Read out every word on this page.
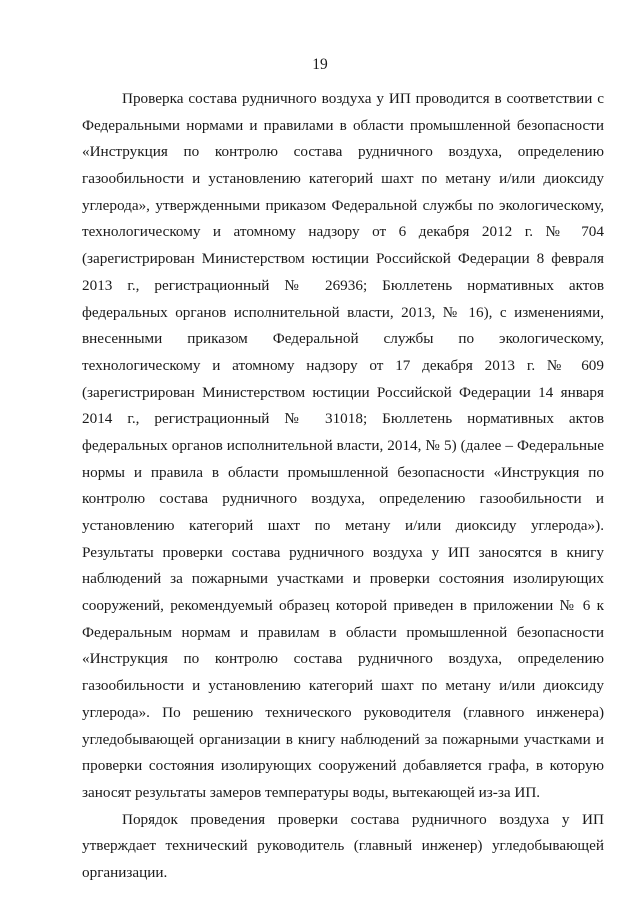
19
Проверка состава рудничного воздуха у ИП проводится в соответствии с
Федеральными нормами и правилами в области промышленной безопасности
«Инструкция по контролю состава рудничного воздуха, определению
газообильности и установлению категорий шахт по метану и/или диоксиду
углерода», утвержденными приказом Федеральной службы по экологическому,
технологическому и атомному надзору от 6 декабря 2012 г. № 704
(зарегистрирован Министерством юстиции Российской Федерации 8 февраля
2013 г., регистрационный № 26936; Бюллетень нормативных актов
федеральных органов исполнительной власти, 2013, № 16), с изменениями,
внесенными приказом Федеральной службы по экологическому,
технологическому и атомному надзору от 17 декабря 2013 г. № 609
(зарегистрирован Министерством юстиции Российской Федерации 14 января
2014 г., регистрационный № 31018; Бюллетень нормативных актов
федеральных органов исполнительной власти, 2014, № 5) (далее – Федеральные
нормы и правила в области промышленной безопасности «Инструкция по
контролю состава рудничного воздуха, определению газообильности и
установлению категорий шахт по метану и/или диоксиду углерода»).
Результаты проверки состава рудничного воздуха у ИП заносятся в книгу
наблюдений за пожарными участками и проверки состояния изолирующих
сооружений, рекомендуемый образец которой приведен в приложении № 6 к
Федеральным нормам и правилам в области промышленной безопасности
«Инструкция по контролю состава рудничного воздуха, определению
газообильности и установлению категорий шахт по метану и/или диоксиду
углерода». По решению технического руководителя (главного инженера)
угледобывающей организации в книгу наблюдений за пожарными участками и
проверки состояния изолирующих сооружений добавляется графа, в которую
заносят результаты замеров температуры воды, вытекающей из-за ИП.
Порядок проведения проверки состава рудничного воздуха у ИП
утверждает технический руководитель (главный инженер) угледобывающей
организации.
